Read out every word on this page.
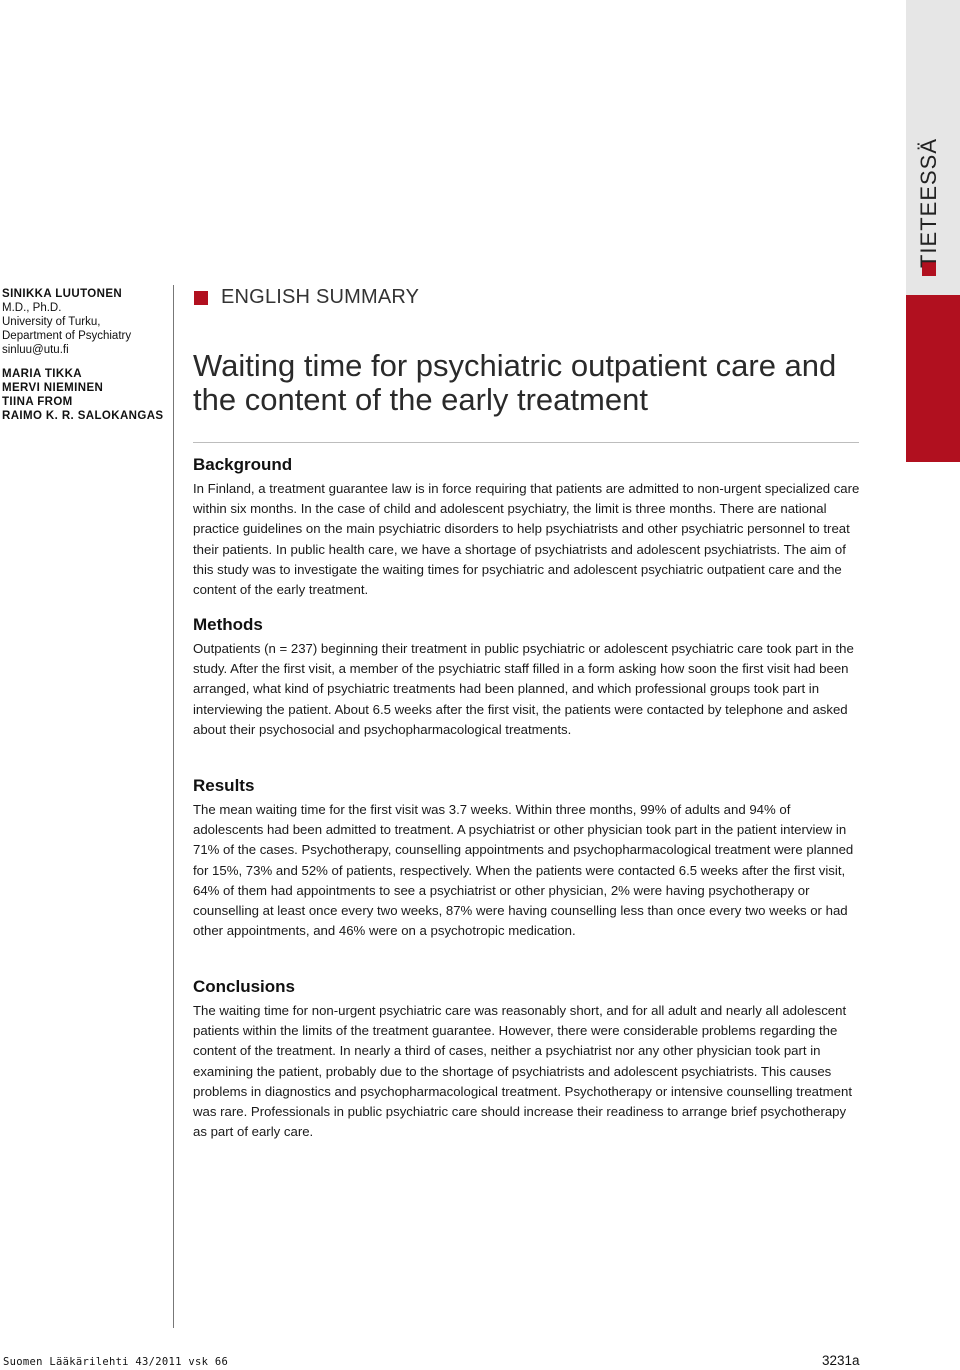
TIETEESSÄ
SINIKKA LUUTONEN
M.D., Ph.D.
University of Turku,
Department of Psychiatry
sinluu@utu.fi
MARIA TIKKA
MERVI NIEMINEN
TIINA FROM
RAIMO K. R. SALOKANGAS
ENGLISH SUMMARY
Waiting time for psychiatric outpatient care and the content of the early treatment
Background

In Finland, a treatment guarantee law is in force requiring that patients are admitted to non-urgent specialized care within six months. In the case of child and adolescent psychiatry, the limit is three months. There are national practice guidelines on the main psychiatric disorders to help psychiatrists and other psychiatric personnel to treat their patients. In public health care, we have a shortage of psychiatrists and adolescent psychiatrists. The aim of this study was to investigate the waiting times for psychiatric and adolescent psychiatric outpatient care and the content of the early treatment.

Methods

Outpatients (n = 237) beginning their treatment in public psychiatric or adolescent psychiatric care took part in the study. After the first visit, a member of the psychiatric staff filled in a form asking how soon the first visit had been arranged, what kind of psychiatric treatments had been planned, and which professional groups took part in interviewing the patient. About 6.5 weeks after the first visit, the patients were contacted by telephone and asked about their psychosocial and psychopharmacological treatments.

Results

The mean waiting time for the first visit was 3.7 weeks. Within three months, 99% of adults and 94% of adolescents had been admitted to treatment. A psychiatrist or other physician took part in the patient interview in 71% of the cases. Psychotherapy, counselling appointments and psychopharmacological treatment were planned for 15%, 73% and 52% of patients, respectively. When the patients were contacted 6.5 weeks after the first visit, 64% of them had appointments to see a psychiatrist or other physician, 2% were having psychotherapy or counselling at least once every two weeks, 87% were having counselling less than once every two weeks or had other appointments, and 46% were on a psychotropic medication.

Conclusions

The waiting time for non-urgent psychiatric care was reasonably short, and for all adult and nearly all adolescent patients within the limits of the treatment guarantee. However, there were considerable problems regarding the content of the treatment. In nearly a third of cases, neither a psychiatrist nor any other physician took part in examining the patient, probably due to the shortage of psychiatrists and adolescent psychiatrists. This causes problems in diagnostics and psychopharmacological treatment. Psychotherapy or intensive counselling treatment was rare. Professionals in public psychiatric care should increase their readiness to arrange brief psychotherapy as part of early care.

Suomen Lääkärilehti 43/2011 vsk 66	3231a
